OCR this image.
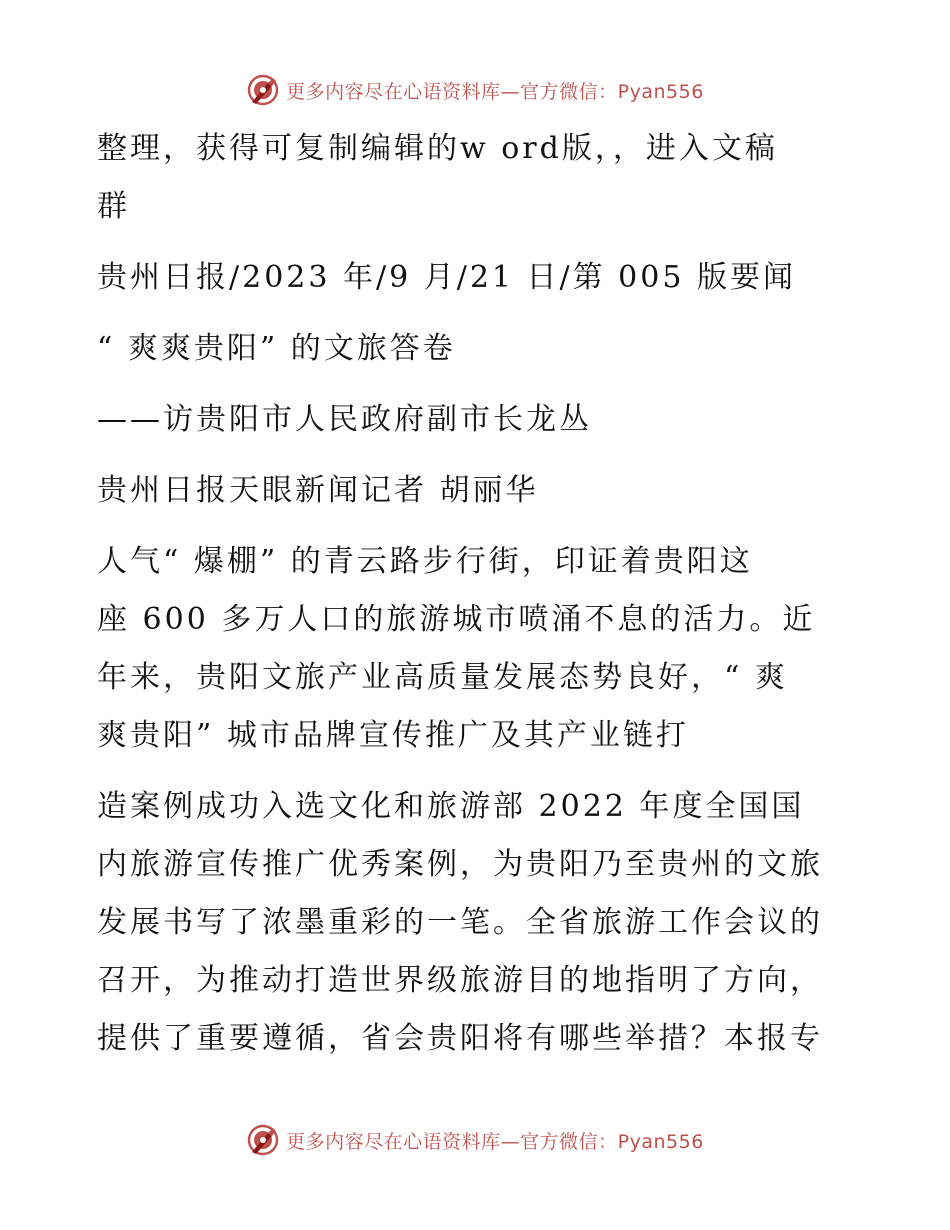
更多内容尽在心语资料库—官方微信：Pyan556

整理，获得可复制编辑的w ord版，，进入文稿
群

贵州日报/2023 年/9 月/21 日/第 005 版要闻

“ 爽爽贵阳” 的文旅答卷

——访贵阳市人民政府副市长龙丛

贵州日报天眼新闻记者 胡丽华

人气“ 爆棚” 的青云路步行街，印证着贵阳这
座 600 多万人口的旅游城市喷涌不息的活力。近
年来，贵阳文旅产业高质量发展态势良好，“ 爽
爽贵阳” 城市品牌宣传推广及其产业链打

造案例成功入选文化和旅游部 2022 年度全国国
内旅游宣传推广优秀案例，为贵阳乃至贵州的文旅
发展书写了浓墨重彩的一笔。全省旅游工作会议的
召开，为推动打造世界级旅游目的地指明了方向，
提供了重要遵循，省会贵阳将有哪些举措？本报专

更多内容尽在心语资料库—官方微信：Pyan556
